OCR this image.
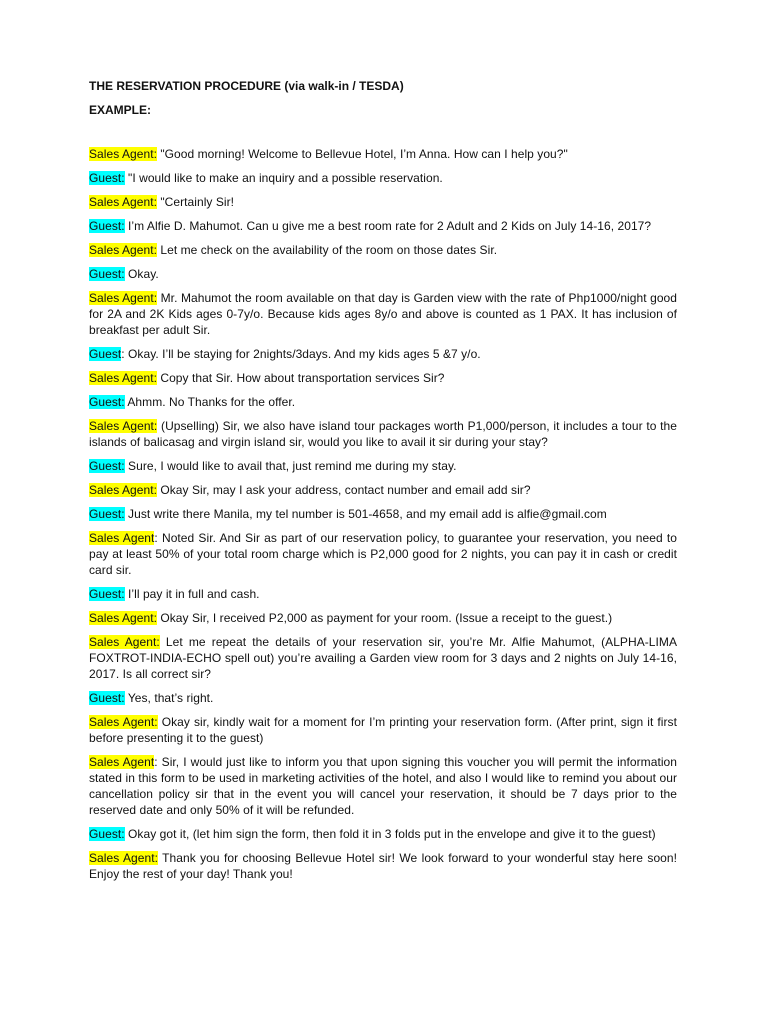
THE RESERVATION PROCEDURE (via walk-in / TESDA)

EXAMPLE:

Sales Agent: "Good morning! Welcome to Bellevue Hotel, I’m Anna. How can I help you?"

Guest: "I would like to make an inquiry and a possible reservation.

Sales Agent: "Certainly Sir!

Guest: I’m Alfie D. Mahumot. Can u give me a best room rate for 2 Adult and 2 Kids on July 14-16, 2017?

Sales Agent: Let me check on the availability of the room on those dates Sir.

Guest: Okay.

Sales Agent: Mr. Mahumot the room available on that day is Garden view with the rate of Php1000/night good for 2A and 2K Kids ages 0-7y/o. Because kids ages 8y/o and above is counted as 1 PAX. It has inclusion of breakfast per adult Sir.

Guest: Okay. I’ll be staying for 2nights/3days. And my kids ages 5 &7 y/o.

Sales Agent: Copy that Sir. How about transportation services Sir?

Guest: Ahmm. No Thanks for the offer.

Sales Agent: (Upselling) Sir, we also have island tour packages worth P1,000/person, it includes a tour to the islands of balicasag and virgin island sir, would you like to avail it sir during your stay?

Guest: Sure, I would like to avail that, just remind me during my stay.

Sales Agent: Okay Sir, may I ask your address, contact number and email add sir?

Guest: Just write there Manila, my tel number is 501-4658, and my email add is alfie@gmail.com

Sales Agent: Noted Sir. And Sir as part of our reservation policy, to guarantee your reservation, you need to pay at least 50% of your total room charge which is P2,000 good for 2 nights, you can pay it in cash or credit card sir.

Guest: I’ll pay it in full and cash.

Sales Agent: Okay Sir, I received P2,000 as payment for your room. (Issue a receipt to the guest.)

Sales Agent: Let me repeat the details of your reservation sir, you’re Mr. Alfie Mahumot, (ALPHA-LIMA FOXTROT-INDIA-ECHO spell out) you’re availing a Garden view room for 3 days and 2 nights on July 14-16, 2017. Is all correct sir?

Guest: Yes, that’s right.

Sales Agent: Okay sir, kindly wait for a moment for I’m printing your reservation form. (After print, sign it first before presenting it to the guest)

Sales Agent: Sir, I would just like to inform you that upon signing this voucher you will permit the information stated in this form to be used in marketing activities of the hotel, and also I would like to remind you about our cancellation policy sir that in the event you will cancel your reservation, it should be 7 days prior to the reserved date and only 50% of it will be refunded.

Guest: Okay got it, (let him sign the form, then fold it in 3 folds put in the envelope and give it to the guest)

Sales Agent: Thank you for choosing Bellevue Hotel sir! We look forward to your wonderful stay here soon! Enjoy the rest of your day! Thank you!
